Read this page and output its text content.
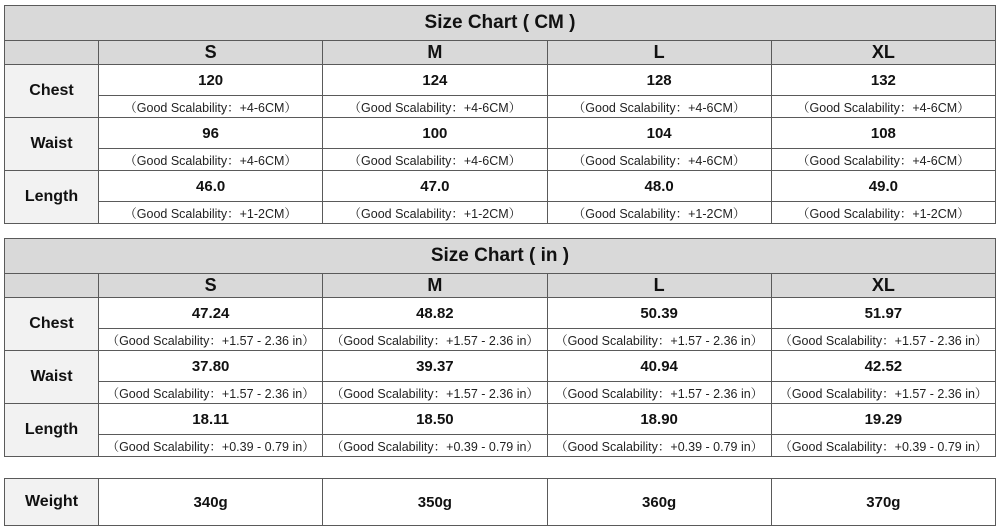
Size Chart ( CM )				
	S	M	L	XL
Chest	120	124	128	132
	（Good Scalability：+4-6CM）	（Good Scalability：+4-6CM）	（Good Scalability：+4-6CM）	（Good Scalability：+4-6CM）
Waist	96	100	104	108
	（Good Scalability：+4-6CM）	（Good Scalability：+4-6CM）	（Good Scalability：+4-6CM）	（Good Scalability：+4-6CM）
Length	46.0	47.0	48.0	49.0
	（Good Scalability：+1-2CM）	（Good Scalability：+1-2CM）	（Good Scalability：+1-2CM）	（Good Scalability：+1-2CM）
Size Chart ( in )				
	S	M	L	XL
Chest	47.24	48.82	50.39	51.97
	（Good Scalability：+1.57 - 2.36 in）	（Good Scalability：+1.57 - 2.36 in）	（Good Scalability：+1.57 - 2.36 in）	（Good Scalability：+1.57 - 2.36 in）
Waist	37.80	39.37	40.94	42.52
	（Good Scalability：+1.57 - 2.36 in）	（Good Scalability：+1.57 - 2.36 in）	（Good Scalability：+1.57 - 2.36 in）	（Good Scalability：+1.57 - 2.36 in）
Length	18.11	18.50	18.90	19.29
	（Good Scalability：+0.39 - 0.79 in）	（Good Scalability：+0.39 - 0.79 in）	（Good Scalability：+0.39 - 0.79 in）	（Good Scalability：+0.39 - 0.79 in）
Weight	340g	350g	360g	370g
